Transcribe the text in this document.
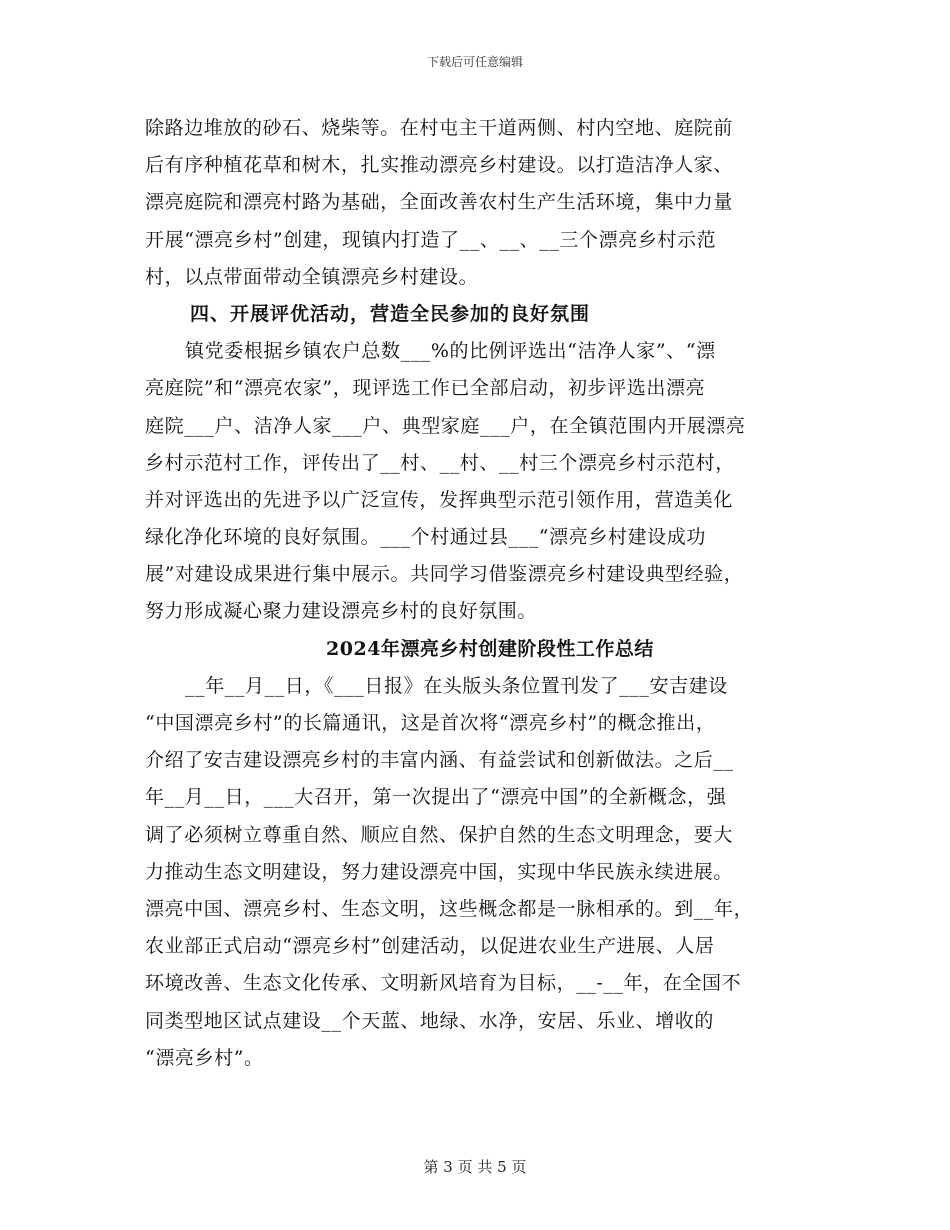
下载后可任意编辑
除路边堆放的砂石、烧柴等。在村屯主干道两侧、村内空地、庭院前
后有序种植花草和树木，扎实推动漂亮乡村建设。以打造洁净人家、
漂亮庭院和漂亮村路为基础，全面改善农村生产生活环境，集中力量
开展“漂亮乡村”创建，现镇内打造了__、__、__三个漂亮乡村示范
村，以点带面带动全镇漂亮乡村建设。
四、开展评优活动，营造全民参加的良好氛围
镇党委根据乡镇农户总数___%的比例评选出“洁净人家”、“漂
亮庭院”和“漂亮农家”，现评选工作已全部启动，初步评选出漂亮
庭院___户、洁净人家___户、典型家庭___户，在全镇范围内开展漂亮
乡村示范村工作，评传出了__村、__村、__村三个漂亮乡村示范村，
并对评选出的先进予以广泛宣传，发挥典型示范引领作用，营造美化
绿化净化环境的良好氛围。___个村通过县___“漂亮乡村建设成功
展”对建设成果进行集中展示。共同学习借鉴漂亮乡村建设典型经验，
努力形成凝心聚力建设漂亮乡村的良好氛围。
2024年漂亮乡村创建阶段性工作总结
__年__月__日，《___日报》在头版头条位置刊发了___安吉建设
“中国漂亮乡村”的长篇通讯，这是首次将“漂亮乡村”的概念推出，
介绍了安吉建设漂亮乡村的丰富内涵、有益尝试和创新做法。之后__
年__月__日，___大召开，第一次提出了“漂亮中国”的全新概念，强
调了必须树立尊重自然、顺应自然、保护自然的生态文明理念，要大
力推动生态文明建设，努力建设漂亮中国，实现中华民族永续进展。
漂亮中国、漂亮乡村、生态文明，这些概念都是一脉相承的。到__年，
农业部正式启动“漂亮乡村”创建活动，以促进农业生产进展、人居
环境改善、生态文化传承、文明新风培育为目标，__-__年，在全国不
同类型地区试点建设__个天蓝、地绿、水净，安居、乐业、增收的
“漂亮乡村”。
第 3 页 共 5 页
